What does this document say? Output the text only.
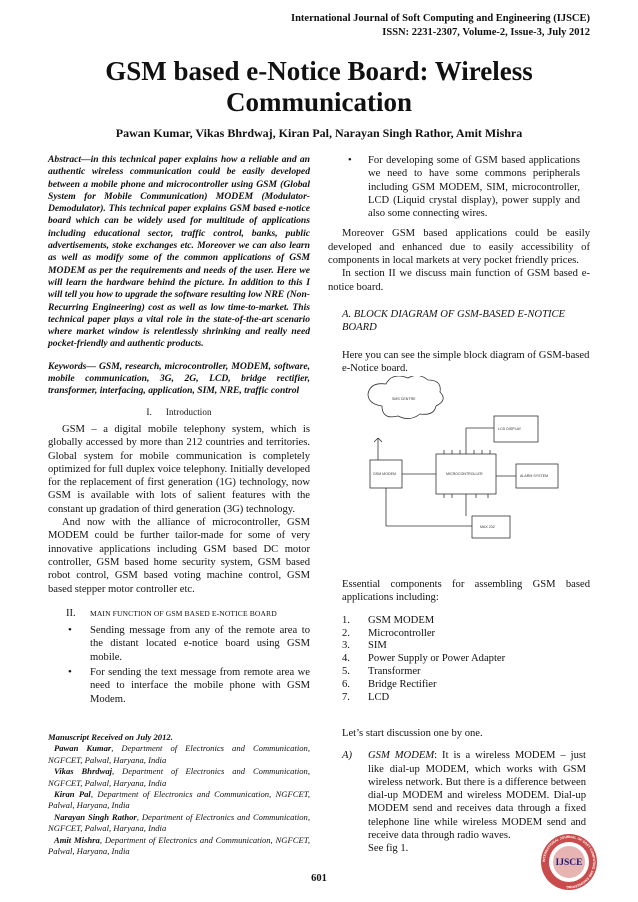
International Journal of Soft Computing and Engineering (IJSCE)
ISSN: 2231-2307, Volume-2, Issue-3, July 2012
GSM based e-Notice Board: Wireless
Communication
Pawan Kumar, Vikas Bhrdwaj, Kiran Pal, Narayan Singh Rathor, Amit Mishra

Abstract—in this technical paper explains how a reliable and an authentic wireless communication could be easily developed between a mobile phone and microcontroller using GSM (Global System for Mobile Communication) MODEM (Modulator-Demodulator). This technical paper explains GSM based e-notice board which can be widely used for multitude of applications including educational sector, traffic control, banks, public advertisements, stoke exchanges etc. Moreover we can also learn as well as modify some of the common applications of GSM MODEM as per the requirements and needs of the user. Here we will learn the hardware behind the picture. In addition to this I will tell you how to upgrade the software resulting low NRE (Non-Recurring Engineering) cost as well as low time-to-market. This technical paper plays a vital role in the state-of-the-art scenario where market window is relentlessly shrinking and really need pocket-friendly and authentic products.

Keywords— GSM, research, microcontroller, MODEM, software, mobile communication, 3G, 2G, LCD, bridge rectifier, transformer, interfacing, application, SIM, NRE, traffic control

I. Introduction

GSM – a digital mobile telephony system, which is globally accessed by more than 212 countries and territories. Global system for mobile communication is completely optimized for full duplex voice telephony. Initially developed for the replacement of first generation (1G) technology, now GSM is available with lots of salient features with the constant up gradation of third generation (3G) technology.

And now with the alliance of microcontroller, GSM MODEM could be further tailor-made for some of very innovative applications including GSM based DC motor controller, GSM based home security system, GSM based robot control, GSM based voting machine control, GSM based stepper motor controller etc.

II. MAIN FUNCTION OF GSM BASED E-NOTICE BOARD
• Sending message from any of the remote area to the distant located e-notice board using GSM mobile.
• For sending the text message from remote area we need to interface the mobile phone with GSM Modem.

Manuscript Received on July 2012.

Pawan Kumar, Department of Electronics and Communication, NGFCET, Palwal, Haryana, India

Vikas Bhrdwaj, Department of Electronics and Communication, NGFCET, Palwal, Haryana, India

Kiran Pal, Department of Electronics and Communication, NGFCET, Palwal, Haryana, India

Narayan Singh Rathor, Department of Electronics and Communication, NGFCET, Palwal, Haryana, India

Amit Mishra, Department of Electronics and Communication, NGFCET, Palwal, Haryana, India

• For developing some of GSM based applications we need to have some commons peripherals including GSM MODEM, SIM, microcontroller, LCD (Liquid crystal display), power supply and also some connecting wires.

Moreover GSM based applications could be easily developed and enhanced due to easily accessibility of components in local markets at very pocket friendly prices.

In section II we discuss main function of GSM based e-notice board.

A. BLOCK DIAGRAM OF GSM-BASED E-NOTICE BOARD

Here you can see the simple block diagram of GSM-based e-Notice board.

SMS CENTRE
LCD DISPLAY
GSM MODEM	MICROCONTROLLER	ALARM SYSTEM
MAX 232

Essential components for assembling GSM based applications including:

1. GSM MODEM
2. Microcontroller
3. SIM
4. Power Supply or Power Adapter
5. Transformer
6. Bridge Rectifier
7. LCD

Let’s start discussion one by one.

A) GSM MODEM: It is a wireless MODEM – just like dial-up MODEM, which works with GSM wireless network. But there is a difference between dial-up MODEM and wireless MODEM. Dial-up MODEM send and receives data through a fixed telephone line while wireless MODEM send and receive data through radio waves.
See fig 1.
601
INTERNATIONAL JOURNAL OF SOFT COMPUTING AND ENGINEERING
IJSCE
